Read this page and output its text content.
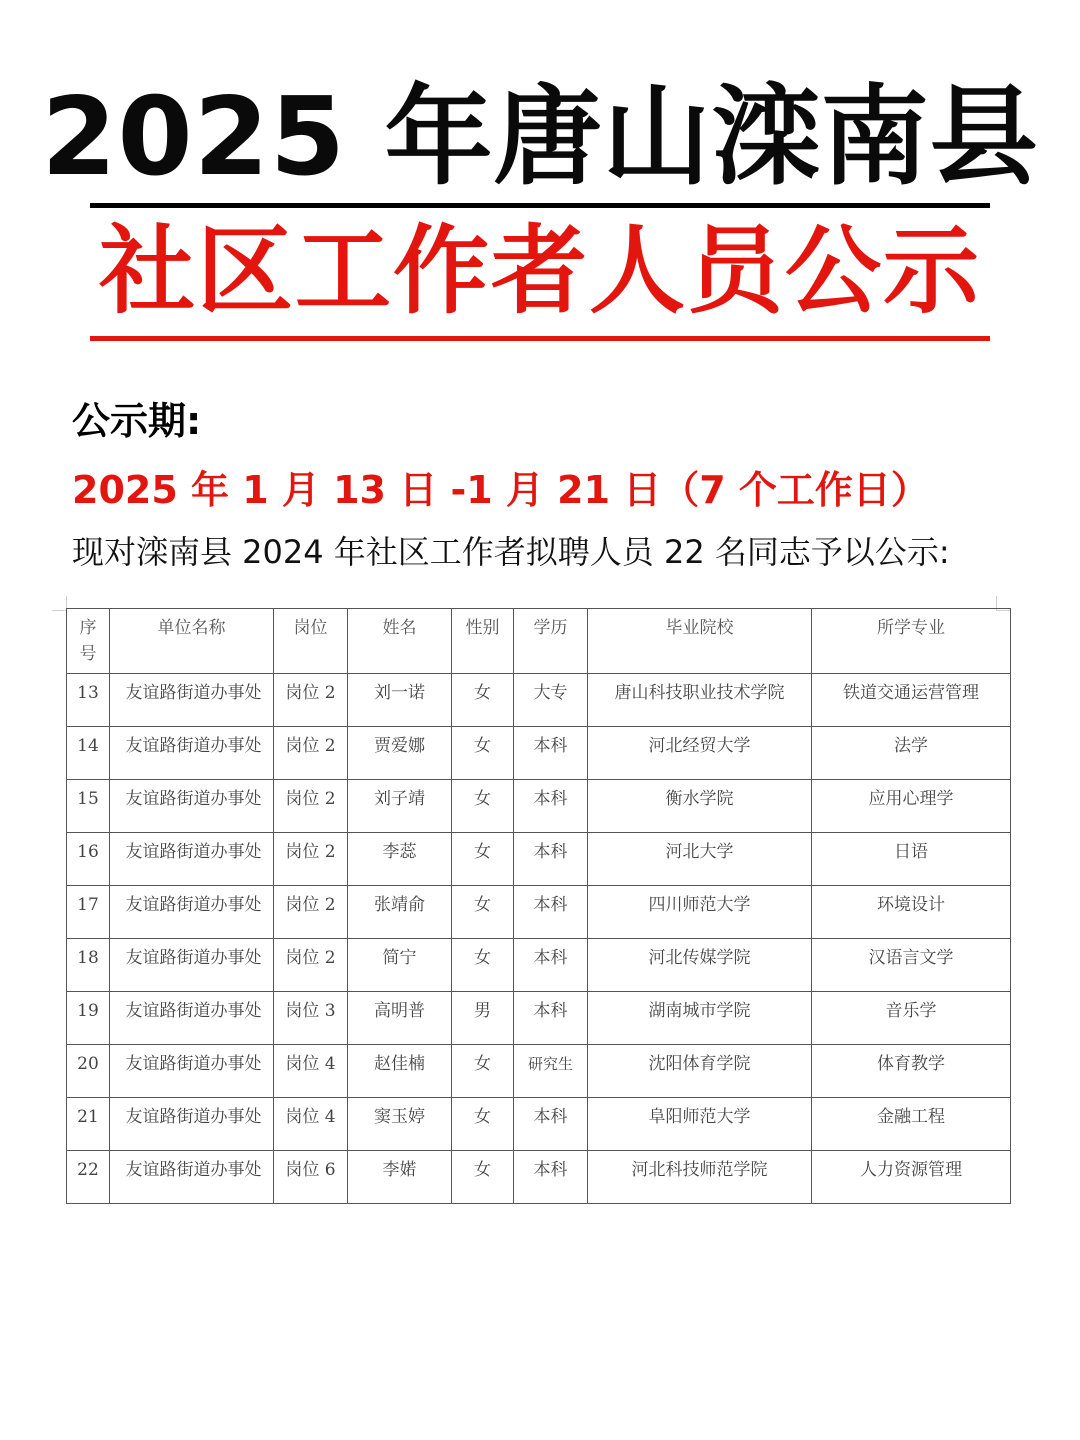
2025 年唐山滦南县
社区工作者人员公示
公示期:
2025 年 1 月 13 日 -1 月 21 日（7 个工作日）
现对滦南县 2024 年社区工作者拟聘人员 22 名同志予以公示:
序号	单位名称	岗位	姓名	性别	学历	毕业院校	所学专业
13	友谊路街道办事处	岗位 2	刘一诺	女	大专	唐山科技职业技术学院	铁道交通运营管理
14	友谊路街道办事处	岗位 2	贾爱娜	女	本科	河北经贸大学	法学
15	友谊路街道办事处	岗位 2	刘子靖	女	本科	衡水学院	应用心理学
16	友谊路街道办事处	岗位 2	李蕊	女	本科	河北大学	日语
17	友谊路街道办事处	岗位 2	张靖俞	女	本科	四川师范大学	环境设计
18	友谊路街道办事处	岗位 2	简宁	女	本科	河北传媒学院	汉语言文学
19	友谊路街道办事处	岗位 3	高明普	男	本科	湖南城市学院	音乐学
20	友谊路街道办事处	岗位 4	赵佳楠	女	研究生	沈阳体育学院	体育教学
21	友谊路街道办事处	岗位 4	窦玉婷	女	本科	阜阳师范大学	金融工程
22	友谊路街道办事处	岗位 6	李婼	女	本科	河北科技师范学院	人力资源管理
